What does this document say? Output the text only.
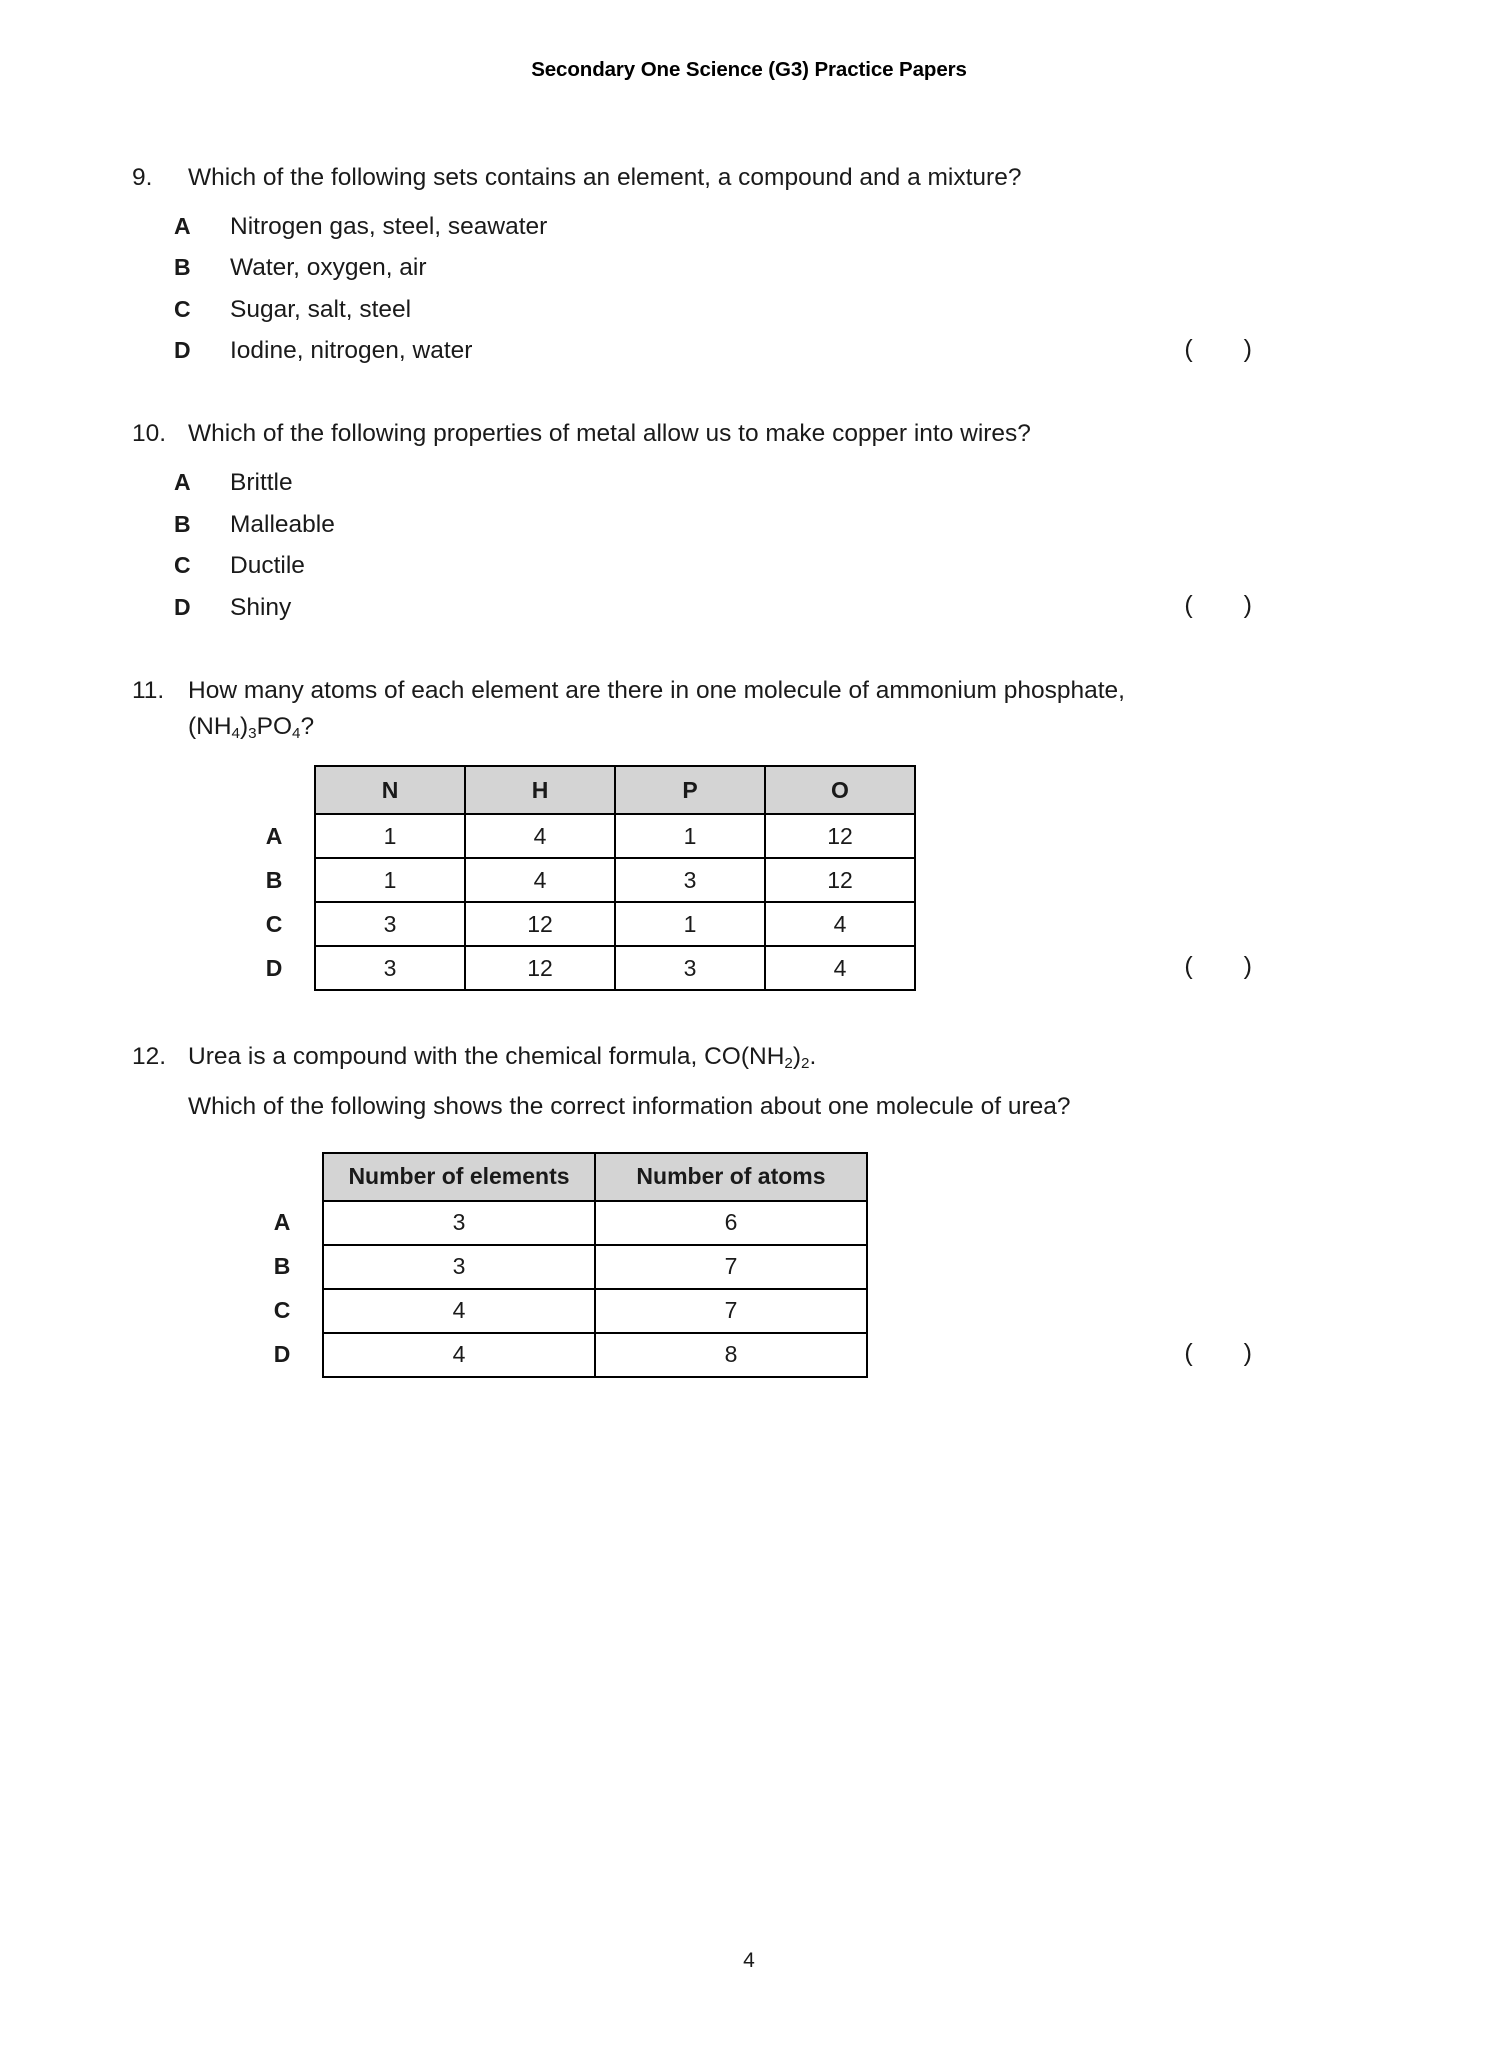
Secondary One Science (G3) Practice Papers
9.	Which of the following sets contains an element, a compound and a mixture?
A	Nitrogen gas, steel, seawater
B	Water, oxygen, air
C	Sugar, salt, steel
D	Iodine, nitrogen, water	( )
10. Which of the following properties of metal allow us to make copper into wires?
A	Brittle
B	Malleable
C	Ductile
D	Shiny	( )
11. How many atoms of each element are there in one molecule of ammonium phosphate,
$(NH_4)_3PO_4$?
	N	H	P	O
A	1	4	1	12
B	1	4	3	12
C	3	12	1	4
D	3	12	3	4	( )
12. Urea is a compound with the chemical formula, $CO(NH_2)_2$.
Which of the following shows the correct information about one molecule of urea?
	Number of elements	Number of atoms
A	3	6
B	3	7
C	4	7
D	4	8	( )
4
